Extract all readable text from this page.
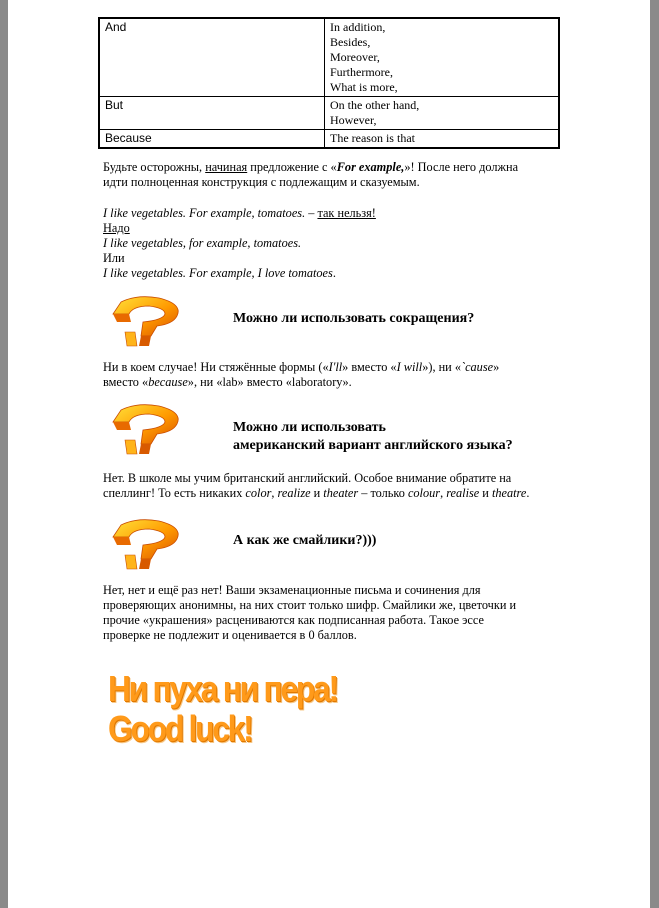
And	In addition,
Besides,
Moreover,
Furthermore,
What is more,

But	On the other hand,
However,

Because	The reason is that
Будьте осторожны, начиная предложение с «For example,»! После него должна
идти полноценная конструкция с подлежащим и сказуемым.
I like vegetables. For example, tomatoes. – так нельзя!
Надо
I like vegetables, for example, tomatoes.
Или
I like vegetables. For example, I love tomatoes.
Можно ли использовать сокращения?
Ни в коем случае! Ни стяжённые формы («I'll» вместо «I will»), ни «`cause»
вместо «because», ни «lab» вместо «laboratory».
Можно ли использовать
американский вариант английского языка?
Нет. В школе мы учим британский английский. Особое внимание обратите на
спеллинг! То есть никаких color, realize и theater – только colour, realise и theatre.
А как же смайлики?)))
Нет, нет и ещё раз нет! Ваши экзаменационные письма и сочинения для
проверяющих анонимны, на них стоит только шифр. Смайлики же, цветочки и
прочие «украшения» расцениваются как подписанная работа. Такое эссе
проверке не подлежит и оценивается в 0 баллов.
Ни пуха ни пера!
Good luck!
